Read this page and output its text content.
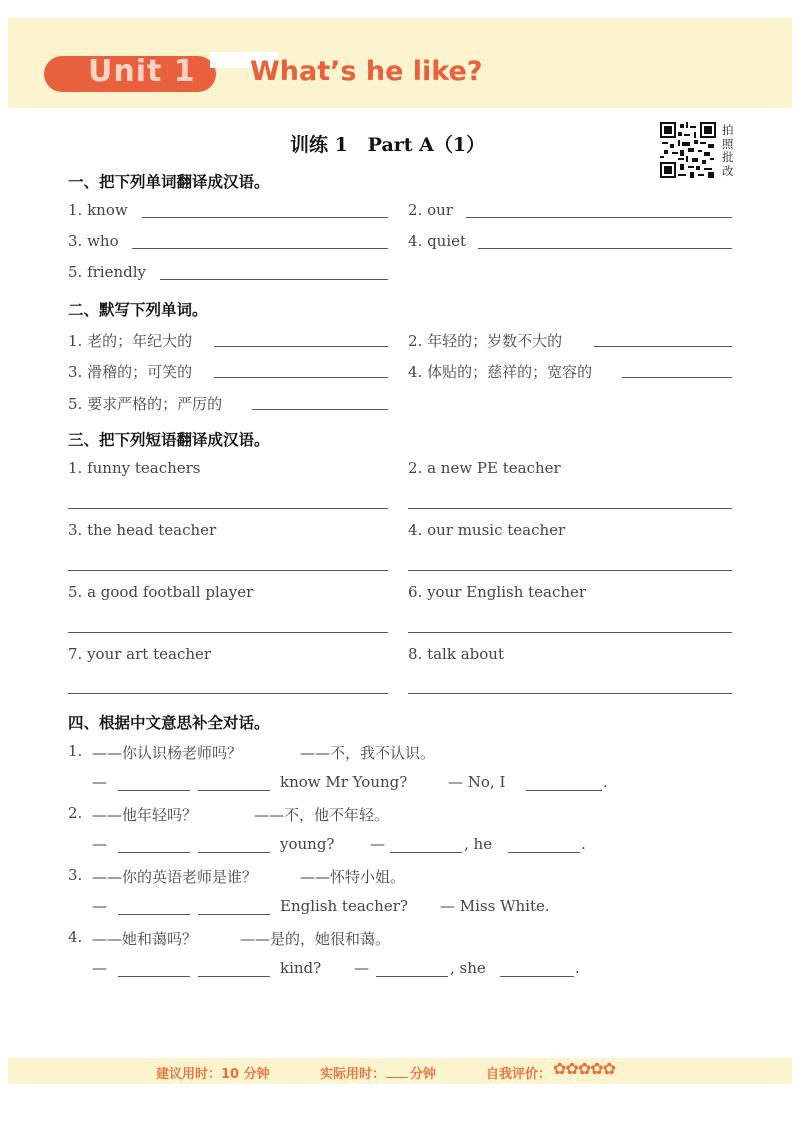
Unit 1 What’s he like?
训练 1   Part A（1）
拍
照
批
改
一、把下列单词翻译成汉语。
1. know	2. our
3. who	4. quiet
5. friendly
二、默写下列单词。
1. 老的；年纪大的	2. 年轻的；岁数不大的
3. 滑稽的；可笑的	4. 体贴的；慈祥的；宽容的
5. 要求严格的；严厉的
三、把下列短语翻译成汉语。
1. funny teachers	2. a new PE teacher
3. the head teacher	4. our music teacher
5. a good football player	6. your English teacher
7. your art teacher	8. talk about
四、根据中文意思补全对话。
1. ——你认识杨老师吗？	——不，我不认识。
—	know Mr Young?	— No, I	.
2. ——他年轻吗？	——不，他不年轻。
—	young? —	, he	.
3. ——你的英语老师是谁？	——怀特小姐。
—	English teacher? — Miss White.
4. ——她和蔼吗？	——是的，她很和蔼。
—	kind? —	, she	.
建议用时：10 分钟	实际用时： 分钟	自我评价： ✿✿✿✿✿
